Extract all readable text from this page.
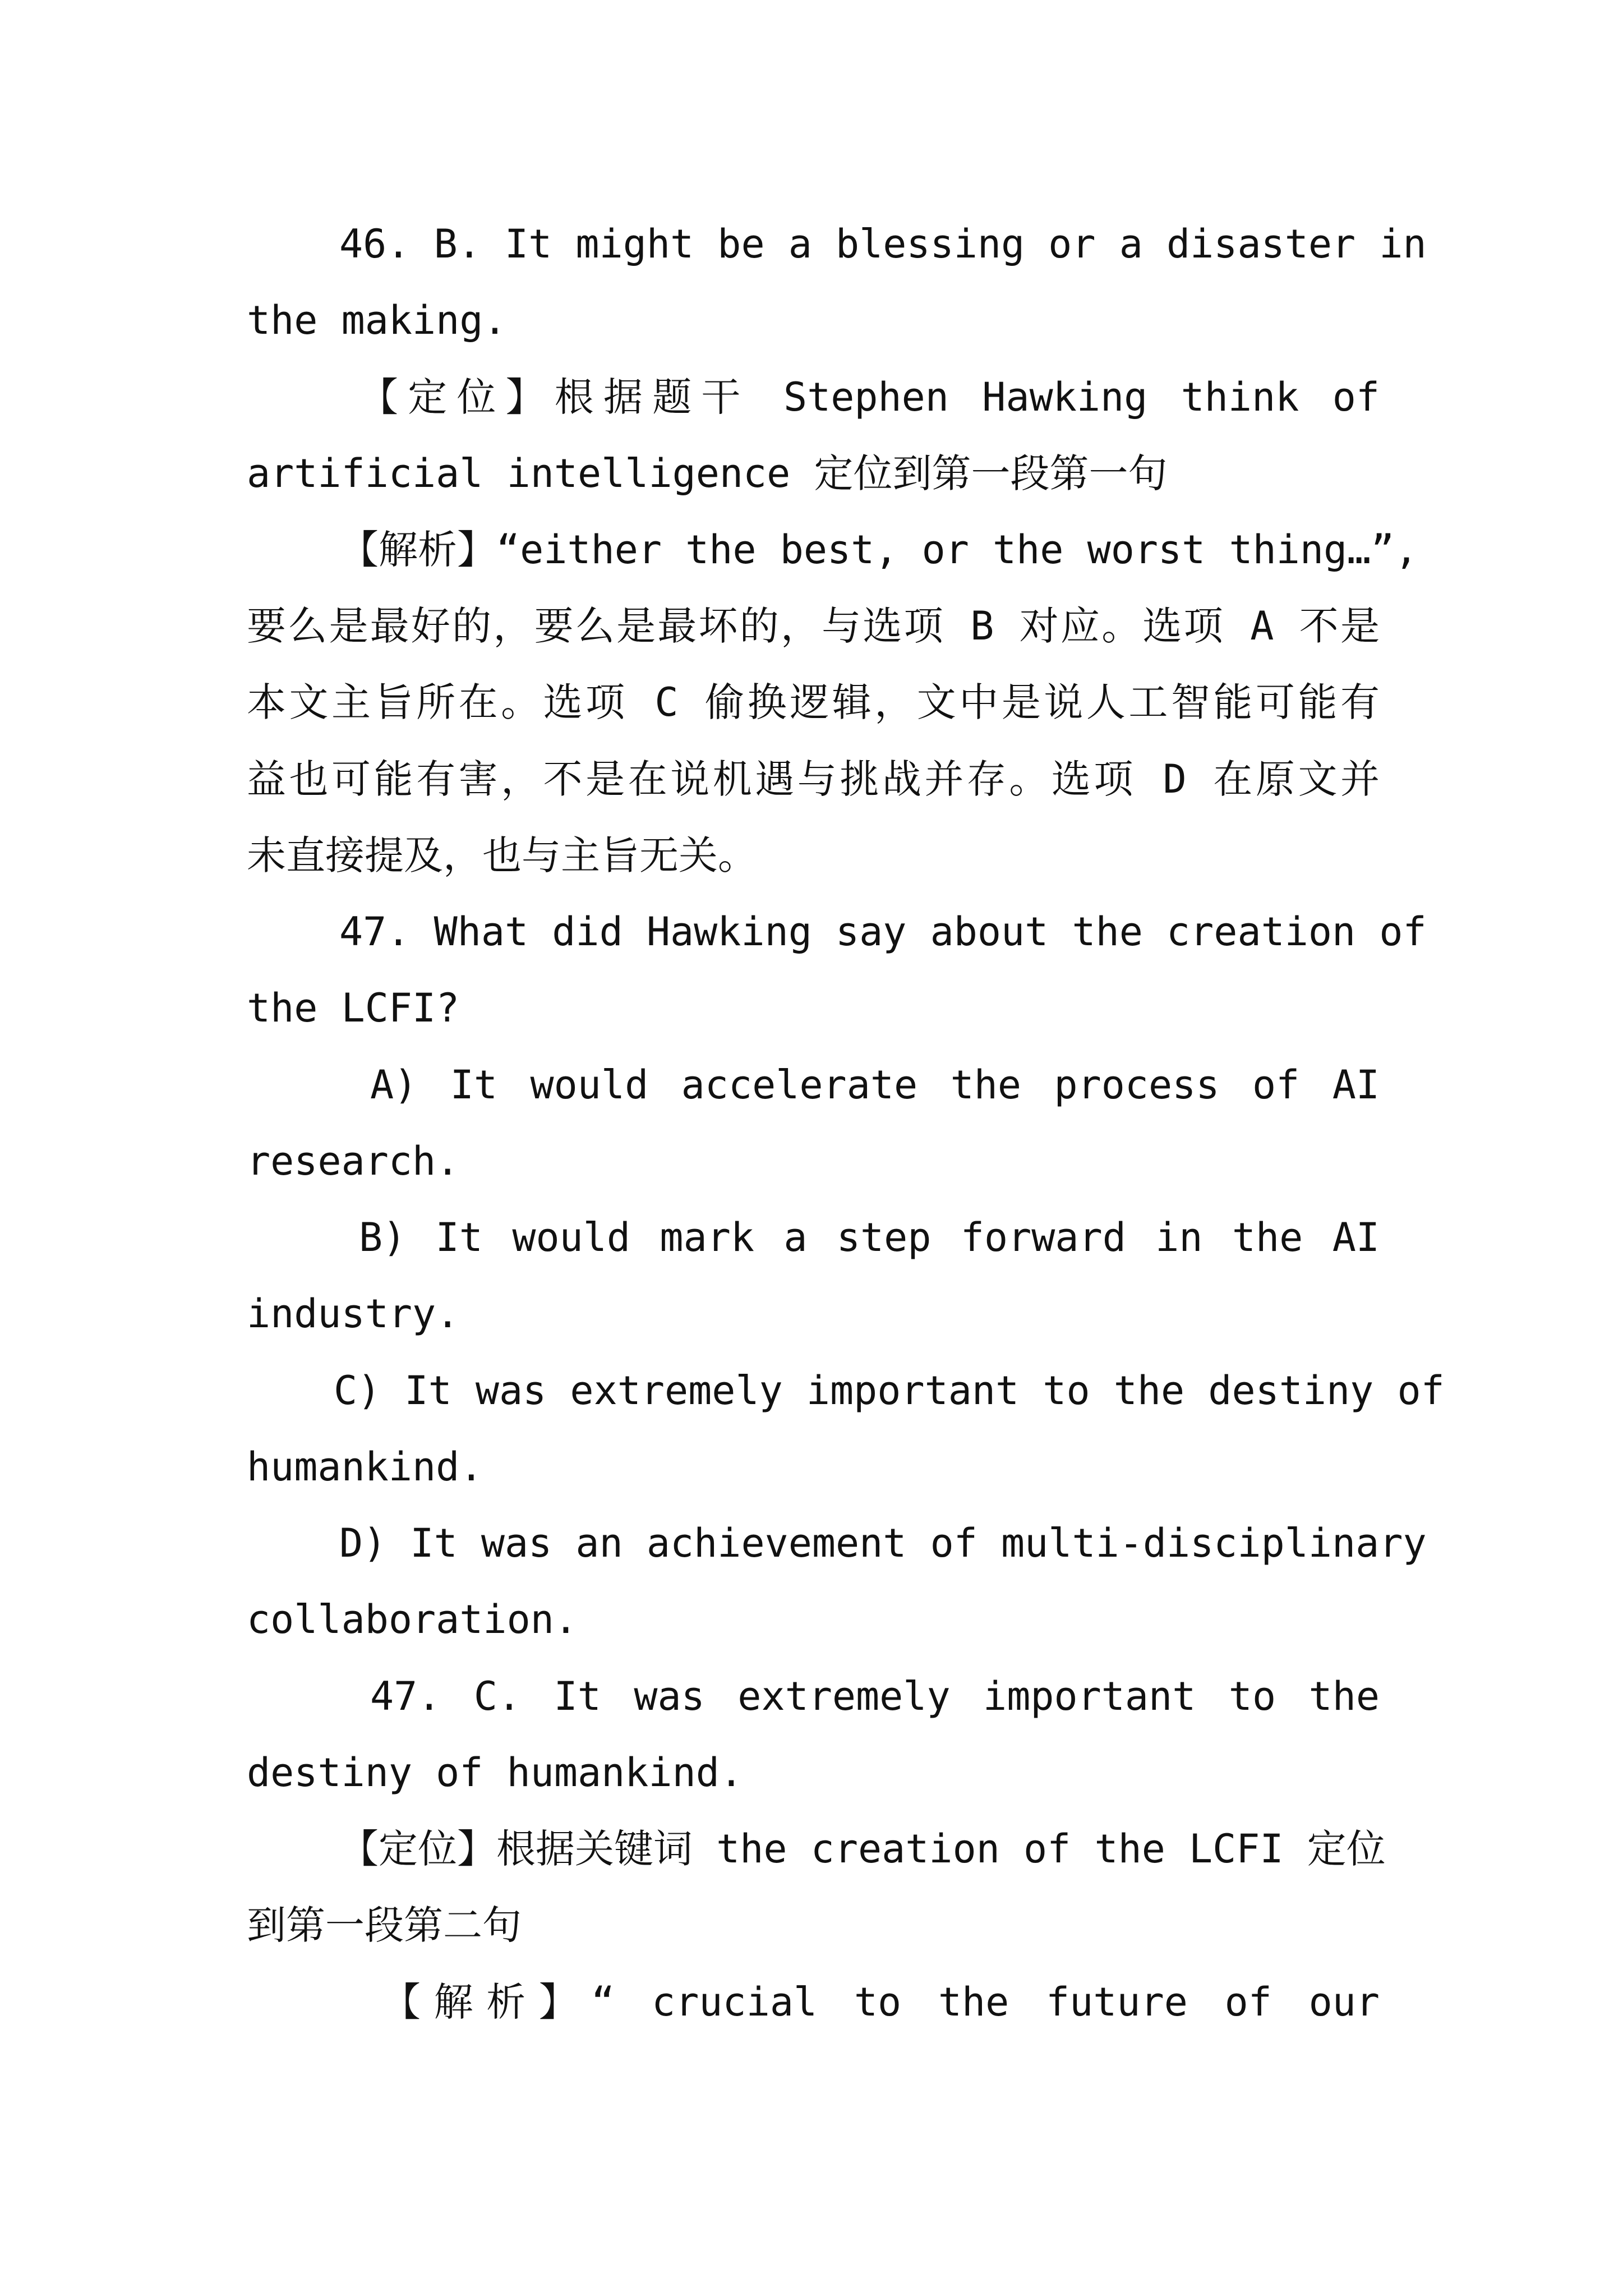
46. B. It might be a blessing or a disaster in
the making.
【定位】根据题干 Stephen Hawking think of
artificial intelligence 定位到第一段第一句
【解析】“either the best, or the worst thing…”,
要么是最好的，要么是最坏的，与选项 B 对应。选项 A 不是
本文主旨所在。选项 C 偷换逻辑，文中是说人工智能可能有
益也可能有害，不是在说机遇与挑战并存。选项 D 在原文并
未直接提及，也与主旨无关。
47. What did Hawking say about the creation of
the LCFI?
A) It would accelerate the process of AI
research.
B) It would mark a step forward in the AI
industry.
C) It was extremely important to the destiny of
humankind.
D) It was an achievement of multi-disciplinary
collaboration.
47. C. It was extremely important to the
destiny of humankind.
【定位】根据关键词 the creation of the LCFI 定位
到第一段第二句
【解析】“ crucial to the future of our
